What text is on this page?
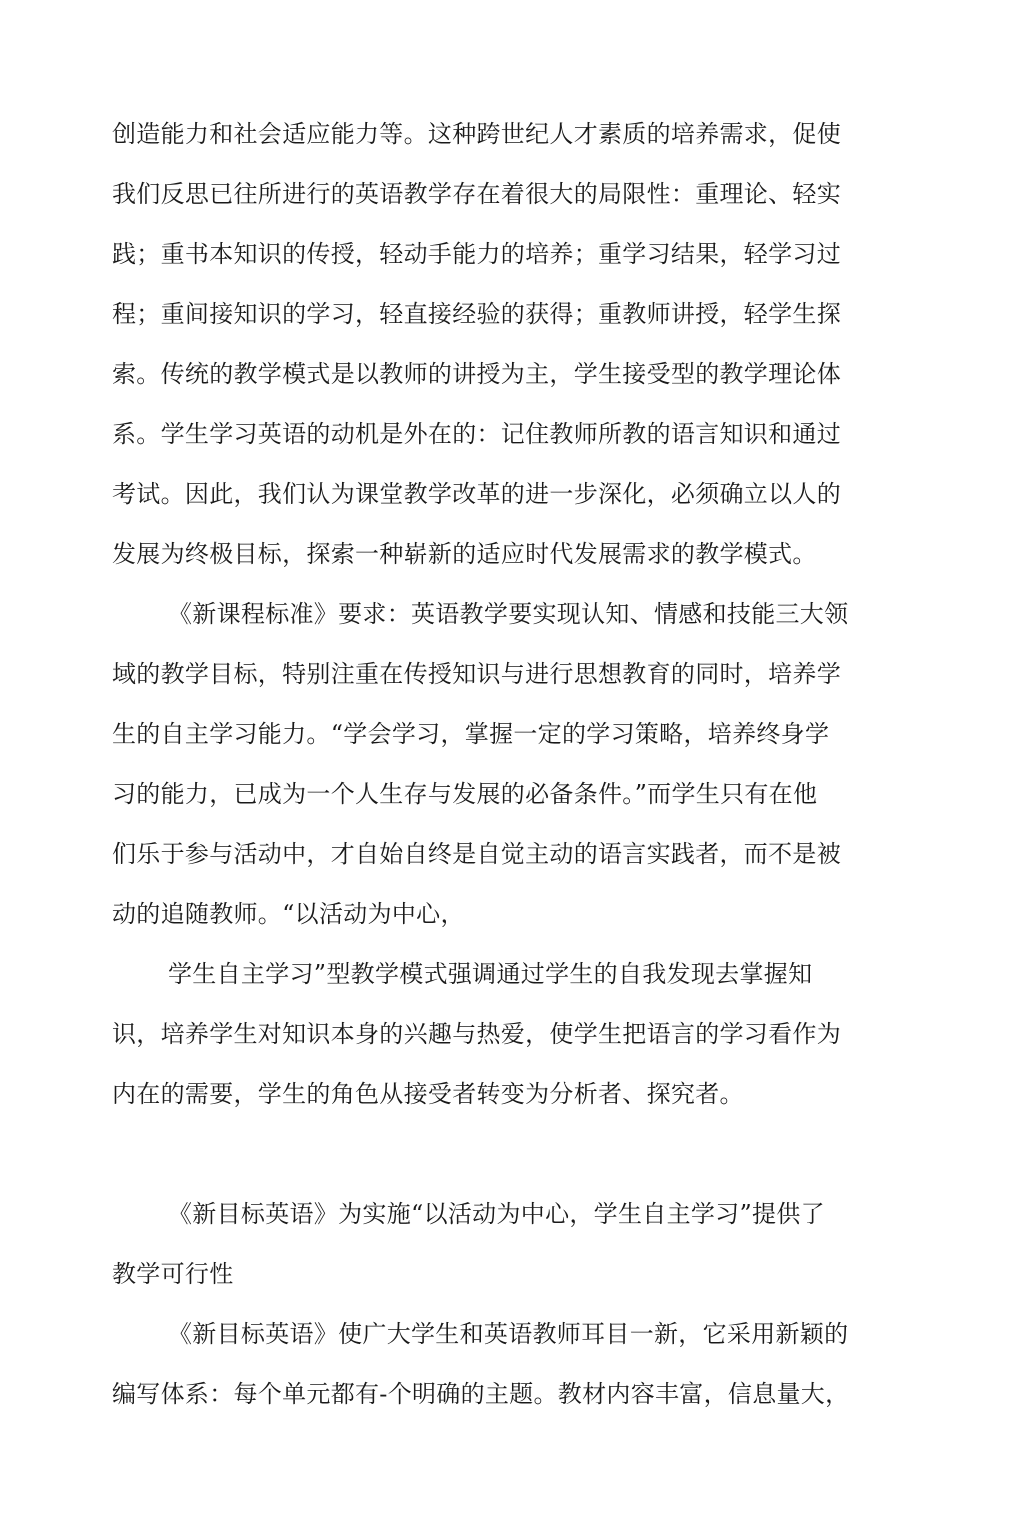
创造能力和社会适应能力等。这种跨世纪人才素质的培养需求，促使

我们反思已往所进行的英语教学存在着很大的局限性：重理论、轻实

践；重书本知识的传授，轻动手能力的培养；重学习结果，轻学习过

程；重间接知识的学习，轻直接经验的获得；重教师讲授，轻学生探

索。传统的教学模式是以教师的讲授为主，学生接受型的教学理论体

系。学生学习英语的动机是外在的：记住教师所教的语言知识和通过

考试。因此，我们认为课堂教学改革的进一步深化，必须确立以人的

发展为终极目标，探索一种崭新的适应时代发展需求的教学模式。

《新课程标准》要求：英语教学要实现认知、情感和技能三大领

域的教学目标，特别注重在传授知识与进行思想教育的同时，培养学

生的自主学习能力。“学会学习，掌握一定的学习策略，培养终身学

习的能力，已成为一个人生存与发展的必备条件。”而学生只有在他

们乐于参与活动中，才自始自终是自觉主动的语言实践者，而不是被

动的追随教师。“以活动为中心，

学生自主学习”型教学模式强调通过学生的自我发现去掌握知

识，培养学生对知识本身的兴趣与热爱，使学生把语言的学习看作为

内在的需要，学生的角色从接受者转变为分析者、探究者。

《新目标英语》为实施“以活动为中心，学生自主学习”提供了

教学可行性

《新目标英语》使广大学生和英语教师耳目一新，它采用新颖的

编写体系：每个单元都有-个明确的主题。教材内容丰富，信息量大，
